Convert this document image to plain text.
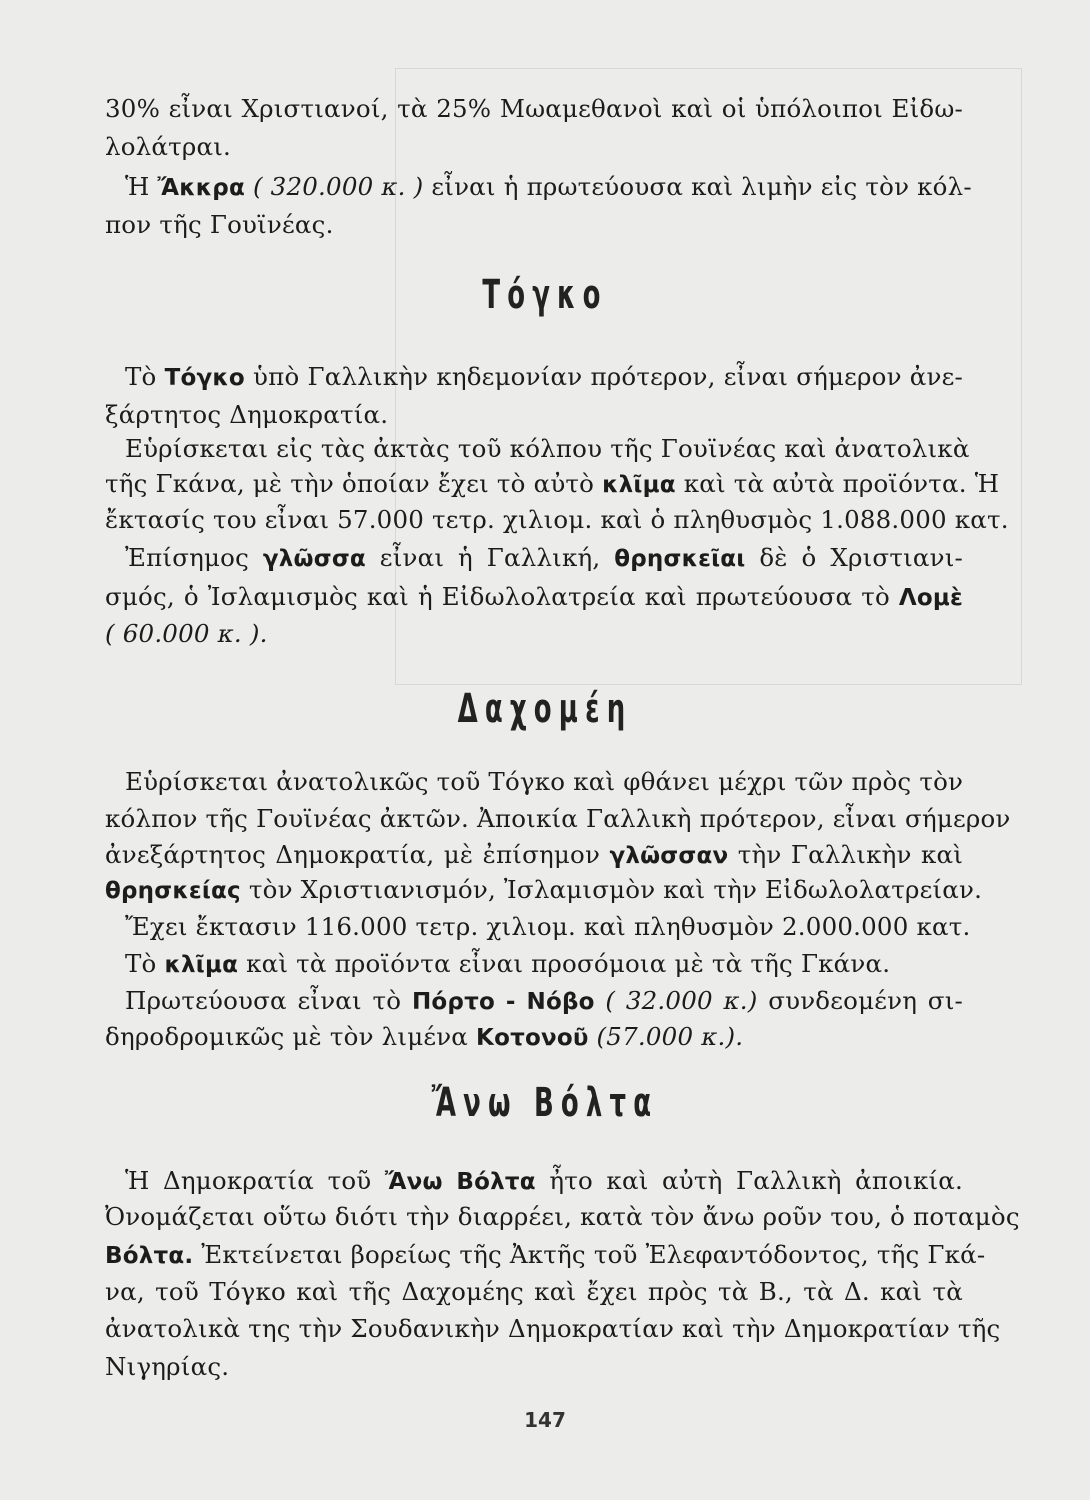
30% εἶναι Χριστιανοί, τὰ 25% Μωαμεθανοὶ καὶ οἱ ὑπόλοιποι Εἰδω-
λολάτραι.
Ἡ Ἄκκρα ( 320.000 κ. ) εἶναι ἡ πρωτεύουσα καὶ λιμὴν εἰς τὸν κόλ-
πον τῆς Γουϊνέας.
Τόγκο
Τὸ Τόγκο ὑπὸ Γαλλικὴν κηδεμονίαν πρότερον, εἶναι σήμερον ἀνε-
ξάρτητος Δημοκρατία.
Εὑρίσκεται εἰς τὰς ἀκτὰς τοῦ κόλπου τῆς Γουϊνέας καὶ ἀνατολικὰ
τῆς Γκάνα, μὲ τὴν ὁποίαν ἔχει τὸ αὐτὸ κλῖμα καὶ τὰ αὐτὰ προϊόντα. Ἡ
ἔκτασίς του εἶναι 57.000 τετρ. χιλιομ. καὶ ὁ πληθυσμὸς 1.088.000 κατ.
Ἐπίσημος γλῶσσα εἶναι ἡ Γαλλική, θρησκεῖαι δὲ ὁ Χριστιανι-
σμός, ὁ Ἰσλαμισμὸς καὶ ἡ Εἰδωλολατρεία καὶ πρωτεύουσα τὸ Λομὲ
( 60.000 κ. ).
Δαχομέη
Εὑρίσκεται ἀνατολικῶς τοῦ Τόγκο καὶ φθάνει μέχρι τῶν πρὸς τὸν
κόλπον τῆς Γουϊνέας ἀκτῶν. Ἀποικία Γαλλικὴ πρότερον, εἶναι σήμερον
ἀνεξάρτητος Δημοκρατία, μὲ ἐπίσημον γλῶσσαν τὴν Γαλλικὴν καὶ
θρησκείας τὸν Χριστιανισμόν, Ἰσλαμισμὸν καὶ τὴν Εἰδωλολατρείαν.
Ἔχει ἔκτασιν 116.000 τετρ. χιλιομ. καὶ πληθυσμὸν 2.000.000 κατ.
Τὸ κλῖμα καὶ τὰ προϊόντα εἶναι προσόμοια μὲ τὰ τῆς Γκάνα.
Πρωτεύουσα εἶναι τὸ Πόρτο - Νόβο ( 32.000 κ.) συνδεομένη σι-
δηροδρομικῶς μὲ τὸν λιμένα Κοτονοῦ (57.000 κ.).
Ἄνω Βόλτα
Ἡ Δημοκρατία τοῦ Ἄνω Βόλτα ἦτο καὶ αὐτὴ Γαλλικὴ ἀποικία.
Ὀνομάζεται οὕτω διότι τὴν διαρρέει, κατὰ τὸν ἄνω ροῦν του, ὁ ποταμὸς
Βόλτα. Ἐκτείνεται βορείως τῆς Ἀκτῆς τοῦ Ἐλεφαντόδοντος, τῆς Γκά-
να, τοῦ Τόγκο καὶ τῆς Δαχομέης καὶ ἔχει πρὸς τὰ Β., τὰ Δ. καὶ τὰ
ἀνατολικὰ της τὴν Σουδανικὴν Δημοκρατίαν καὶ τὴν Δημοκρατίαν τῆς
Νιγηρίας.
147
